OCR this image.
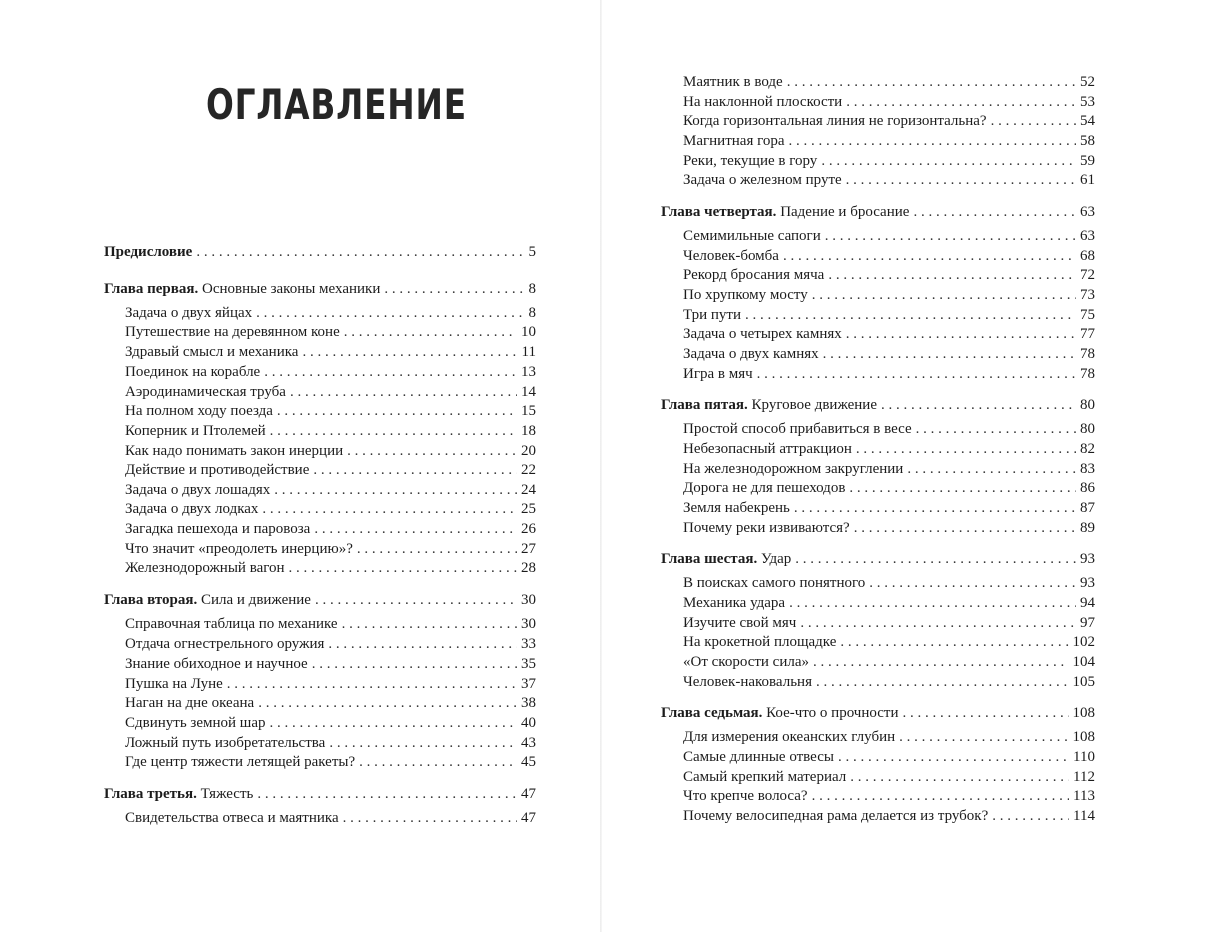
ОГЛАВЛЕНИЕ
Предисловие . . .	5
Глава первая. Основные законы механики . . .	8
Задача о двух яйцах . . .	8
Путешествие на деревянном коне . . .	10
Здравый смысл и механика . . .	11
Поединок на корабле . . .	13
Аэродинамическая труба . . .	14
На полном ходу поезда . . .	15
Коперник и Птолемей . . .	18
Как надо понимать закон инерции . . .	20
Действие и противодействие . . .	22
Задача о двух лошадях . . .	24
Задача о двух лодках . . .	25
Загадка пешехода и паровоза . . .	26
Что значит «преодолеть инерцию»? . . .	27
Железнодорожный вагон . . .	28
Глава вторая. Сила и движение . . .	30
Справочная таблица по механике . . .	30
Отдача огнестрельного оружия . . .	33
Знание обиходное и научное . . .	35
Пушка на Луне . . .	37
Наган на дне океана . . .	38
Сдвинуть земной шар . . .	40
Ложный путь изобретательства . . .	43
Где центр тяжести летящей ракеты? . . .	45
Глава третья. Тяжесть . . .	47
Свидетельства отвеса и маятника . . .	47
Маятник в воде . . .	52
На наклонной плоскости . . .	53
Когда горизонтальная линия не горизонтальна? . . .	54
Магнитная гора . . .	58
Реки, текущие в гору . . .	59
Задача о железном пруте . . .	61
Глава четвертая. Падение и бросание . . .	63
Семимильные сапоги . . .	63
Человек-бомба . . .	68
Рекорд бросания мяча . . .	72
По хрупкому мосту . . .	73
Три пути . . .	75
Задача о четырех камнях . . .	77
Задача о двух камнях . . .	78
Игра в мяч . . .	78
Глава пятая. Круговое движение . . .	80
Простой способ прибавиться в весе . . .	80
Небезопасный аттракцион . . .	82
На железнодорожном закруглении . . .	83
Дорога не для пешеходов . . .	86
Земля набекрень . . .	87
Почему реки извиваются? . . .	89
Глава шестая. Удар . . .	93
В поисках самого понятного . . .	93
Механика удара . . .	94
Изучите свой мяч . . .	97
На крокетной площадке . . .	102
«От скорости сила» . . .	104
Человек-наковальня . . .	105
Глава седьмая. Кое-что о прочности . . .	108
Для измерения океанских глубин . . .	108
Самые длинные отвесы . . .	110
Самый крепкий материал . . .	112
Что крепче волоса? . . .	113
Почему велосипедная рама делается из трубок? . . .	114
